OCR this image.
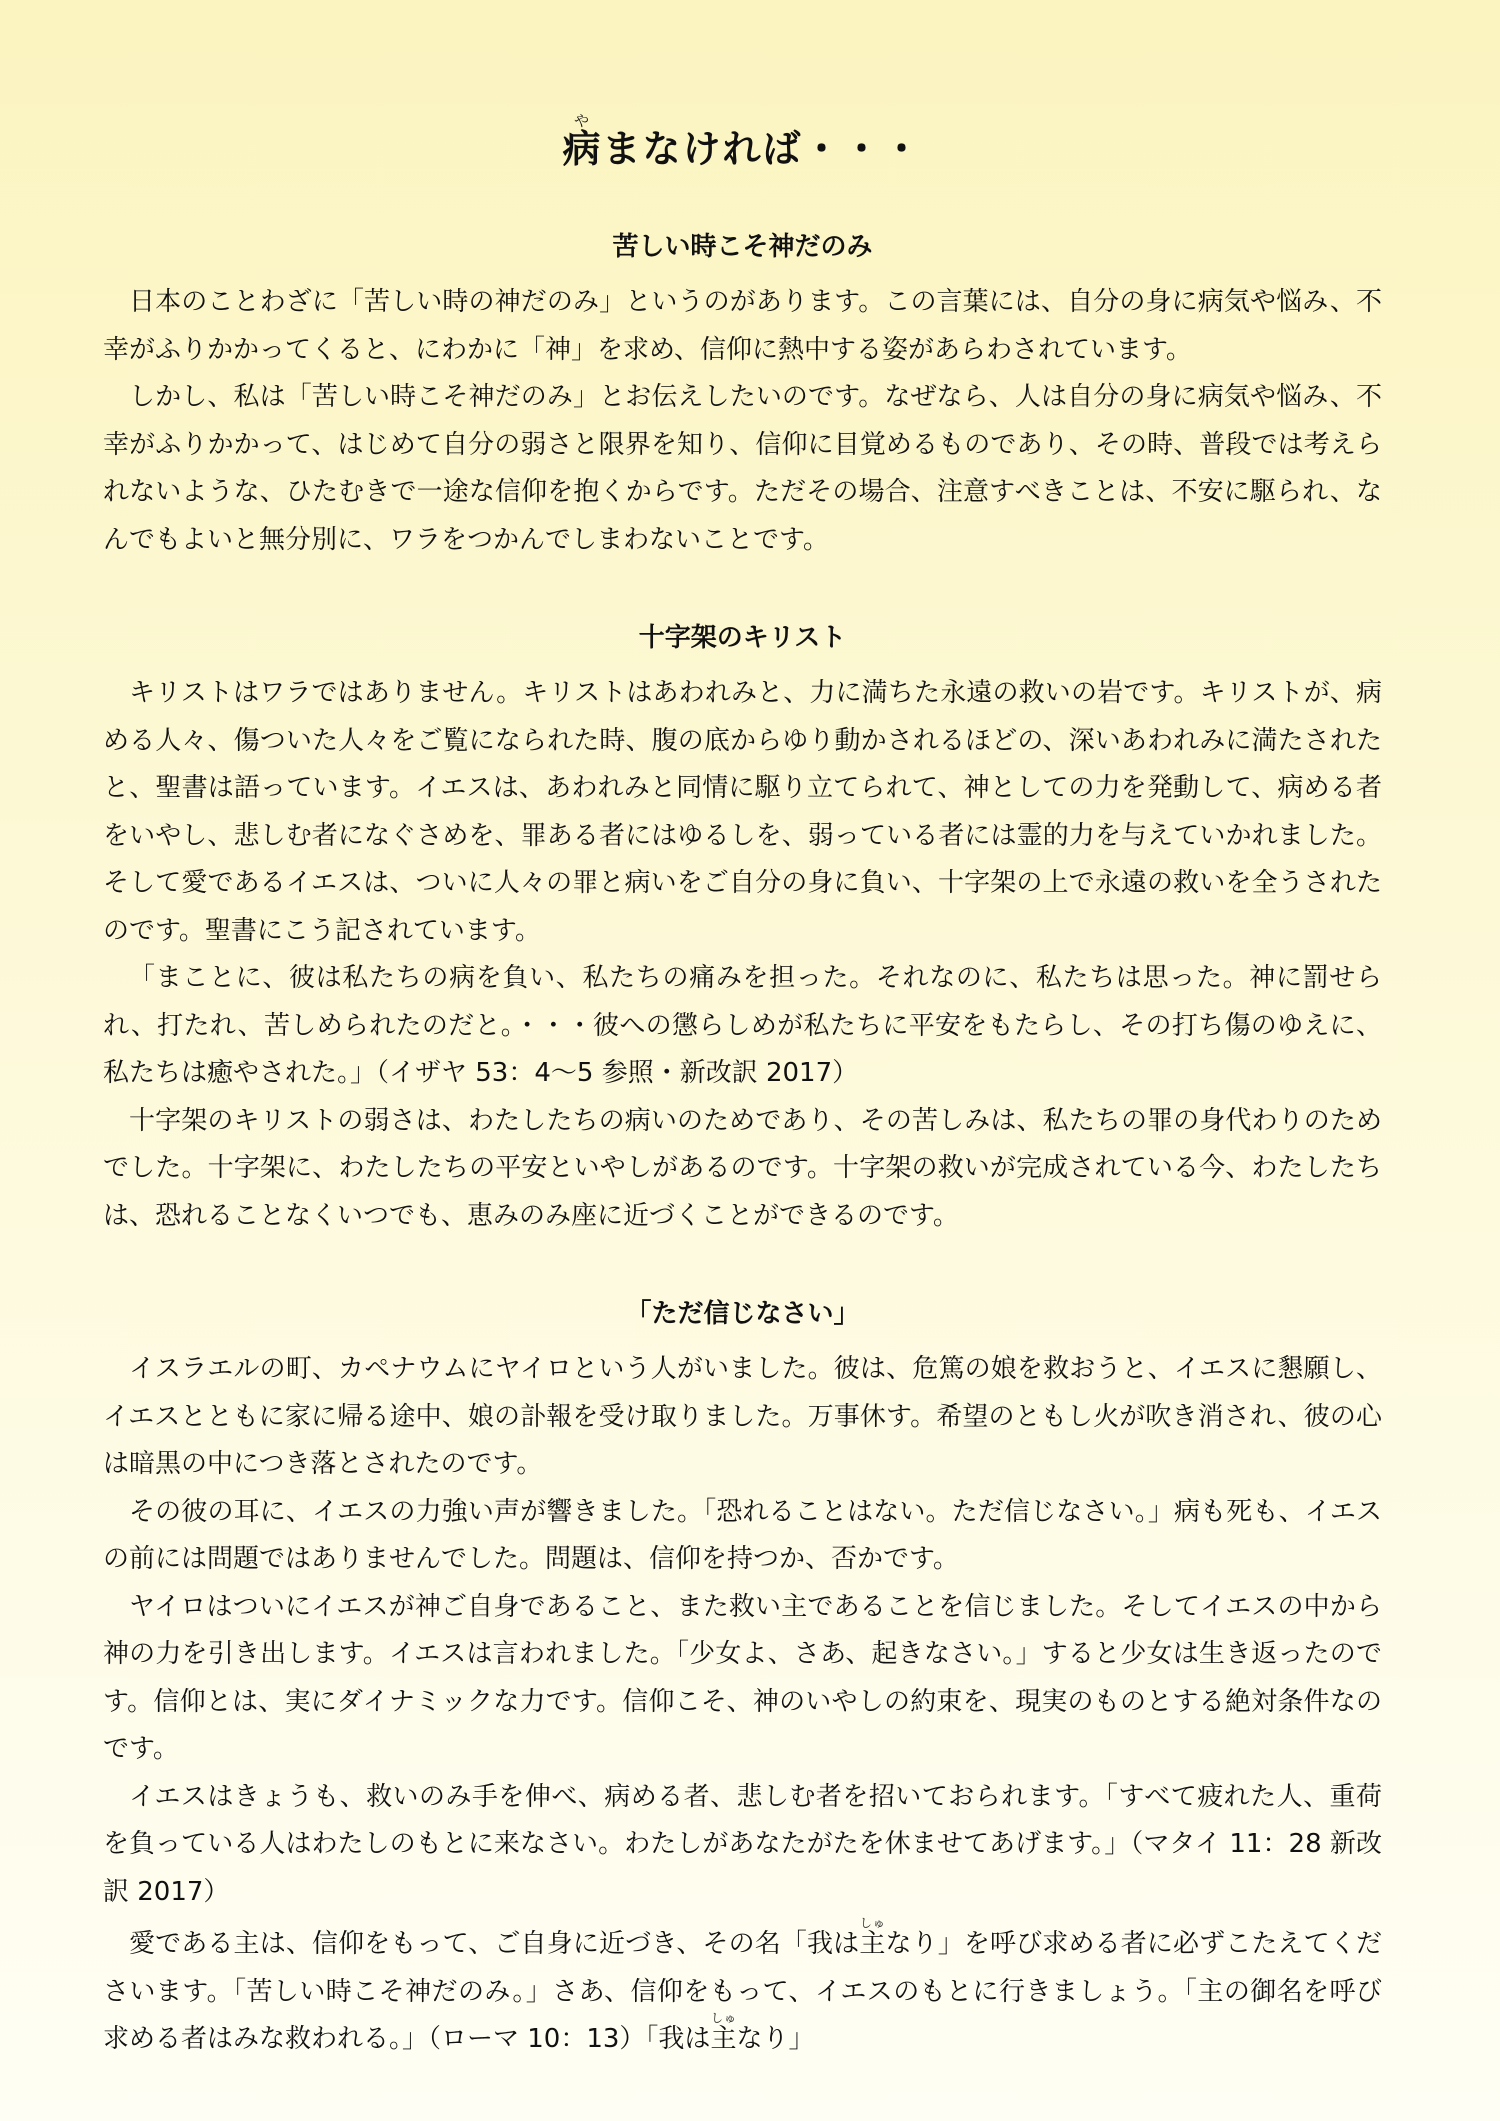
病やまなければ・・・
苦しい時こそ神だのみ

日本のことわざに「苦しい時の神だのみ」というのがあります。この言葉には、自分の身に病気や悩み、不幸がふりかかってくると、にわかに「神」を求め、信仰に熱中する姿があらわされています。

しかし、私は「苦しい時こそ神だのみ」とお伝えしたいのです。なぜなら、人は自分の身に病気や悩み、不幸がふりかかって、はじめて自分の弱さと限界を知り、信仰に目覚めるものであり、その時、普段では考えられないような、ひたむきで一途な信仰を抱くからです。ただその場合、注意すべきことは、不安に駆られ、なんでもよいと無分別に、ワラをつかんでしまわないことです。

十字架のキリスト

キリストはワラではありません。キリストはあわれみと、力に満ちた永遠の救いの岩です。キリストが、病める人々、傷ついた人々をご覧になられた時、腹の底からゆり動かされるほどの、深いあわれみに満たされたと、聖書は語っています。イエスは、あわれみと同情に駆り立てられて、神としての力を発動して、病める者をいやし、悲しむ者になぐさめを、罪ある者にはゆるしを、弱っている者には霊的力を与えていかれました。そして愛であるイエスは、ついに人々の罪と病いをご自分の身に負い、十字架の上で永遠の救いを全うされたのです。聖書にこう記されています。

「まことに、彼は私たちの病を負い、私たちの痛みを担った。それなのに、私たちは思った。神に罰せられ、打たれ、苦しめられたのだと。・・・彼への懲らしめが私たちに平安をもたらし、その打ち傷のゆえに、私たちは癒やされた。」（イザヤ 53：4～5 参照・新改訳 2017）

十字架のキリストの弱さは、わたしたちの病いのためであり、その苦しみは、私たちの罪の身代わりのためでした。十字架に、わたしたちの平安といやしがあるのです。十字架の救いが完成されている今、わたしたちは、恐れることなくいつでも、恵みのみ座に近づくことができるのです。

「ただ信じなさい」

イスラエルの町、カペナウムにヤイロという人がいました。彼は、危篤の娘を救おうと、イエスに懇願し、イエスとともに家に帰る途中、娘の訃報を受け取りました。万事休す。希望のともし火が吹き消され、彼の心は暗黒の中につき落とされたのです。

その彼の耳に、イエスの力強い声が響きました。「恐れることはない。ただ信じなさい。」病も死も、イエスの前には問題ではありませんでした。問題は、信仰を持つか、否かです。

ヤイロはついにイエスが神ご自身であること、また救い主であることを信じました。そしてイエスの中から神の力を引き出します。イエスは言われました。「少女よ、さあ、起きなさい。」すると少女は生き返ったのです。信仰とは、実にダイナミックな力です。信仰こそ、神のいやしの約束を、現実のものとする絶対条件なのです。

イエスはきょうも、救いのみ手を伸べ、病める者、悲しむ者を招いておられます。「すべて疲れた人、重荷を負っている人はわたしのもとに来なさい。わたしがあなたがたを休ませてあげます。」（マタイ 11：28 新改訳 2017）

愛である主は、信仰をもって、ご自身に近づき、その名「我は主しゅなり」を呼び求める者に必ずこたえてくださいます。「苦しい時こそ神だのみ。」さあ、信仰をもって、イエスのもとに行きましょう。「主の御名を呼び求める者はみな救われる。」（ローマ 10：13）「我は主しゅなり」
